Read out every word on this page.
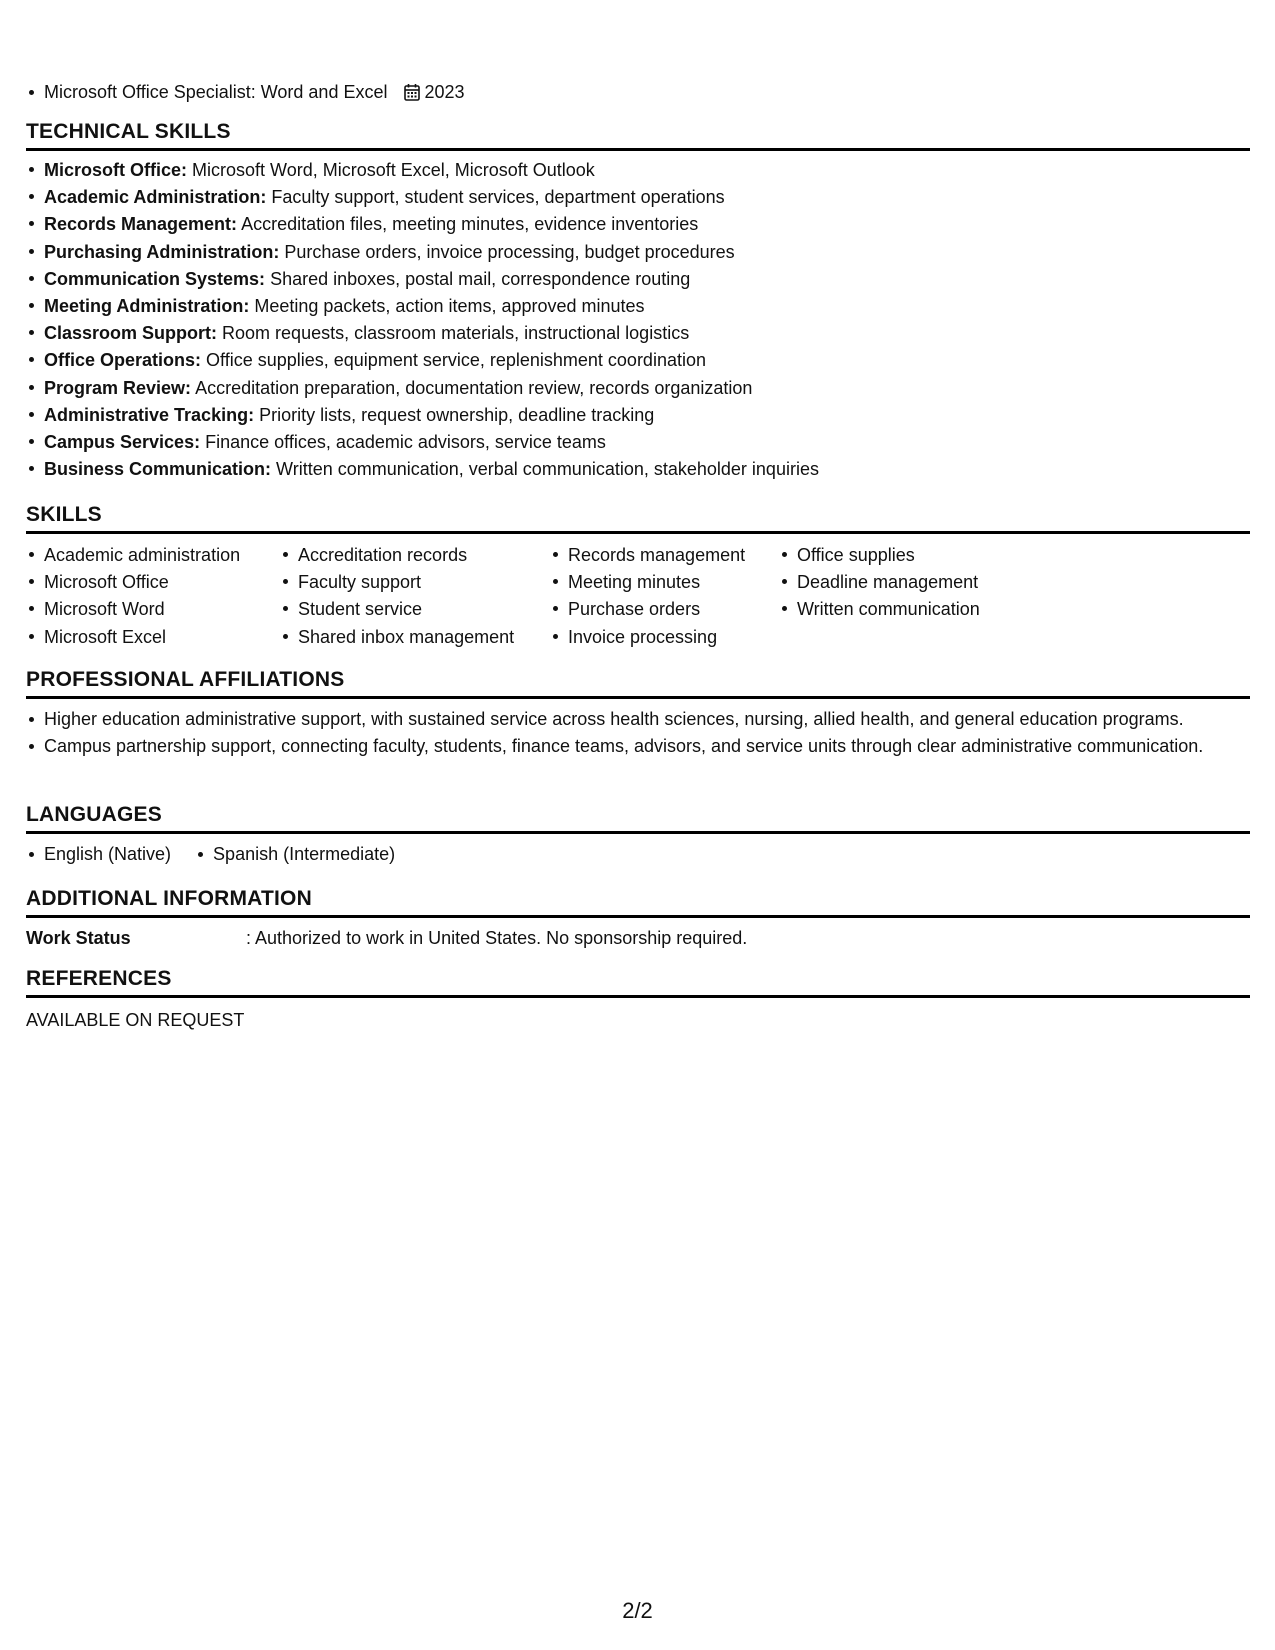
Microsoft Office Specialist: Word and Excel 2023
TECHNICAL SKILLS
Microsoft Office: Microsoft Word, Microsoft Excel, Microsoft Outlook
Academic Administration: Faculty support, student services, department operations
Records Management: Accreditation files, meeting minutes, evidence inventories
Purchasing Administration: Purchase orders, invoice processing, budget procedures
Communication Systems: Shared inboxes, postal mail, correspondence routing
Meeting Administration: Meeting packets, action items, approved minutes
Classroom Support: Room requests, classroom materials, instructional logistics
Office Operations: Office supplies, equipment service, replenishment coordination
Program Review: Accreditation preparation, documentation review, records organization
Administrative Tracking: Priority lists, request ownership, deadline tracking
Campus Services: Finance offices, academic advisors, service teams
Business Communication: Written communication, verbal communication, stakeholder inquiries
SKILLS
Academic administration
Microsoft Office
Microsoft Word
Microsoft Excel
Accreditation records
Faculty support
Student service
Shared inbox management
Records management
Meeting minutes
Purchase orders
Invoice processing
Office supplies
Deadline management
Written communication
PROFESSIONAL AFFILIATIONS
Higher education administrative support, with sustained service across health sciences, nursing, allied health, and general education programs.
Campus partnership support, connecting faculty, students, finance teams, advisors, and service units through clear administrative communication.
LANGUAGES
English (Native)	Spanish (Intermediate)
ADDITIONAL INFORMATION
Work Status	: Authorized to work in United States. No sponsorship required.
REFERENCES
AVAILABLE ON REQUEST
2/2
